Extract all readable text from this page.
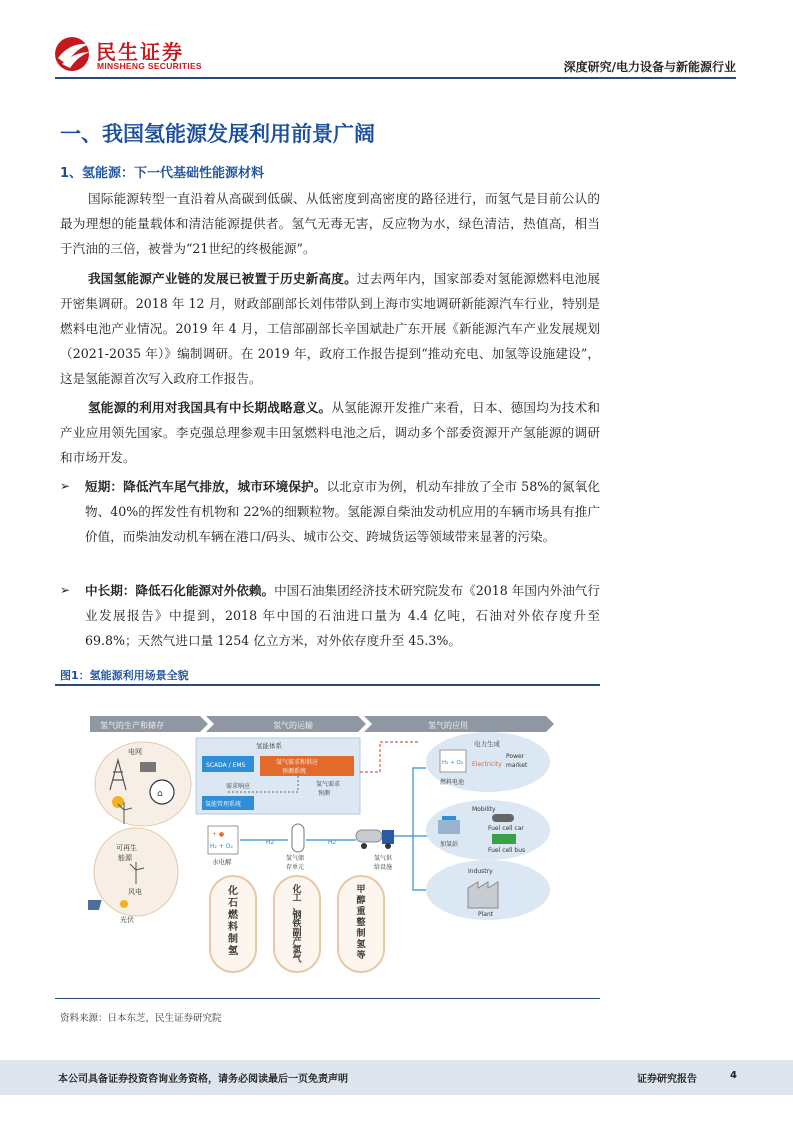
民生证券
MINSHENG SECURITIES	深度研究/电力设备与新能源行业
一、我国氢能源发展利用前景广阔
1、氢能源：下一代基础性能源材料
国际能源转型一直沿着从高碳到低碳、从低密度到高密度的路径进行，而氢气是目前公认的最为理想的能量载体和清洁能源提供者。氢气无毒无害，反应物为水，绿色清洁，热值高，相当于汽油的三倍，被誉为“21世纪的终极能源”。
我国氢能源产业链的发展已被置于历史新高度。过去两年内，国家部委对氢能源燃料电池展开密集调研。2018 年 12 月，财政部副部长刘伟带队到上海市实地调研新能源汽车行业，特别是燃料电池产业情况。2019 年 4 月，工信部副部长辛国斌赴广东开展《新能源汽车产业发展规划（2021-2035 年）》编制调研。在 2019 年，政府工作报告提到“推动充电、加氢等设施建设”，这是氢能源首次写入政府工作报告。
氢能源的利用对我国具有中长期战略意义。从氢能源开发推广来看，日本、德国均为技术和产业应用领先国家。李克强总理参观丰田氢燃料电池之后，调动多个部委资源开产氢能源的调研和市场开发。
➢	短期：降低汽车尾气排放，城市环境保护。以北京市为例，机动车排放了全市 58%的氮氧化物、40%的挥发性有机物和 22%的细颗粒物。氢能源自柴油发动机应用的车辆市场具有推广价值，而柴油发动机车辆在港口/码头、城市公交、跨城货运等领域带来显著的污染。
➢	中长期：降低石化能源对外依赖。中国石油集团经济技术研究院发布《2018 年国内外油气行业发展报告》中提到，2018 年中国的石油进口量为 4.4 亿吨，石油对外依存度升至 69.8%；天然气进口量 1254 亿立方米，对外依存度升至 45.3%。
图1：氢能源利用场景全貌
氢气的生产和储存	氢气的运输	氢气的应用
电网
⌂
可再生
能源
风电
光伏
氢能体系
SCADA / EMS	氢气需求和供应
预测系统
需求响应	氢气需求
预测
氢能管理系统
+ ●
H₂ + O₂
水电解
H2
氢气储
存单元
H2
氢气供
给设施
电力生成
H₂ + O₂ Electricity
Power
market
燃料电池
Mobility
加氢站
Fuel cell car
Fuel cell bus
Industry
Plant
化石燃料制氢
化工、钢铁副产氢气
甲醇重整制氢等
资料来源：日本东芝，民生证券研究院
本公司具备证券投资咨询业务资格，请务必阅读最后一页免责声明	证券研究报告	4
